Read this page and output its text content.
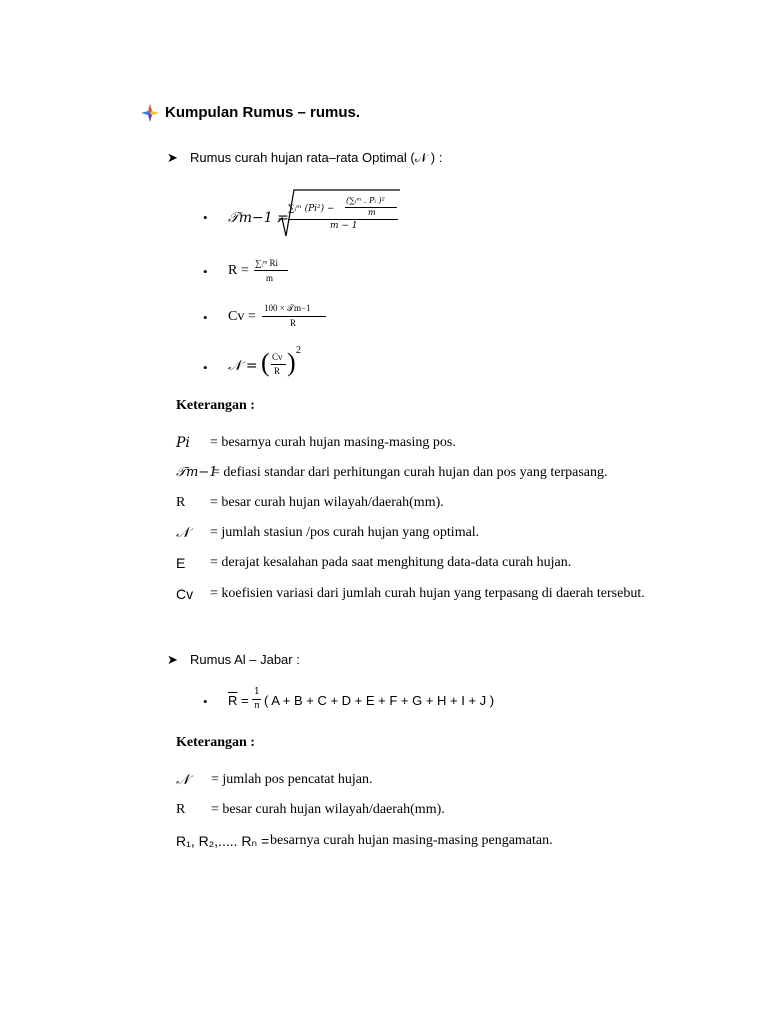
Kumpulan Rumus – rumus.
➤ Rumus curah hujan rata–rata Optimal (𝒩 ) :
• 𝒯m−1 =
∑ᵢᵐ (Pi²) −
(∑ᵢᵐ . Pᵢ )²
m
m − 1
• R = ∑ᵢᵐ Ri
m
• Cv =
100 × 𝒯m−1
R
• 𝒩 = ( Cv
R ) 2
Keterangan :
Pi = besarnya curah hujan masing-masing pos.
𝒯m−1
= defiasi standar dari perhitungan curah hujan dan pos yang terpasang.
R = besar curah hujan wilayah/daerah(mm).
𝒩 = jumlah stasiun /pos curah hujan yang optimal.
E = derajat kesalahan pada saat menghitung data-data curah hujan.
Cv = koefisien variasi dari jumlah curah hujan yang terpasang di daerah tersebut.
➤ Rumus Al – Jabar :
• $\overline{R}$ =
1
n ( A + B + C + D + E + F + G + H + I + J )
Keterangan :
𝒩 = jumlah pos pencatat hujan.
R = besar curah hujan wilayah/daerah(mm).
R₁, R₂,..... Rₙ = besarnya curah hujan masing-masing pengamatan.
